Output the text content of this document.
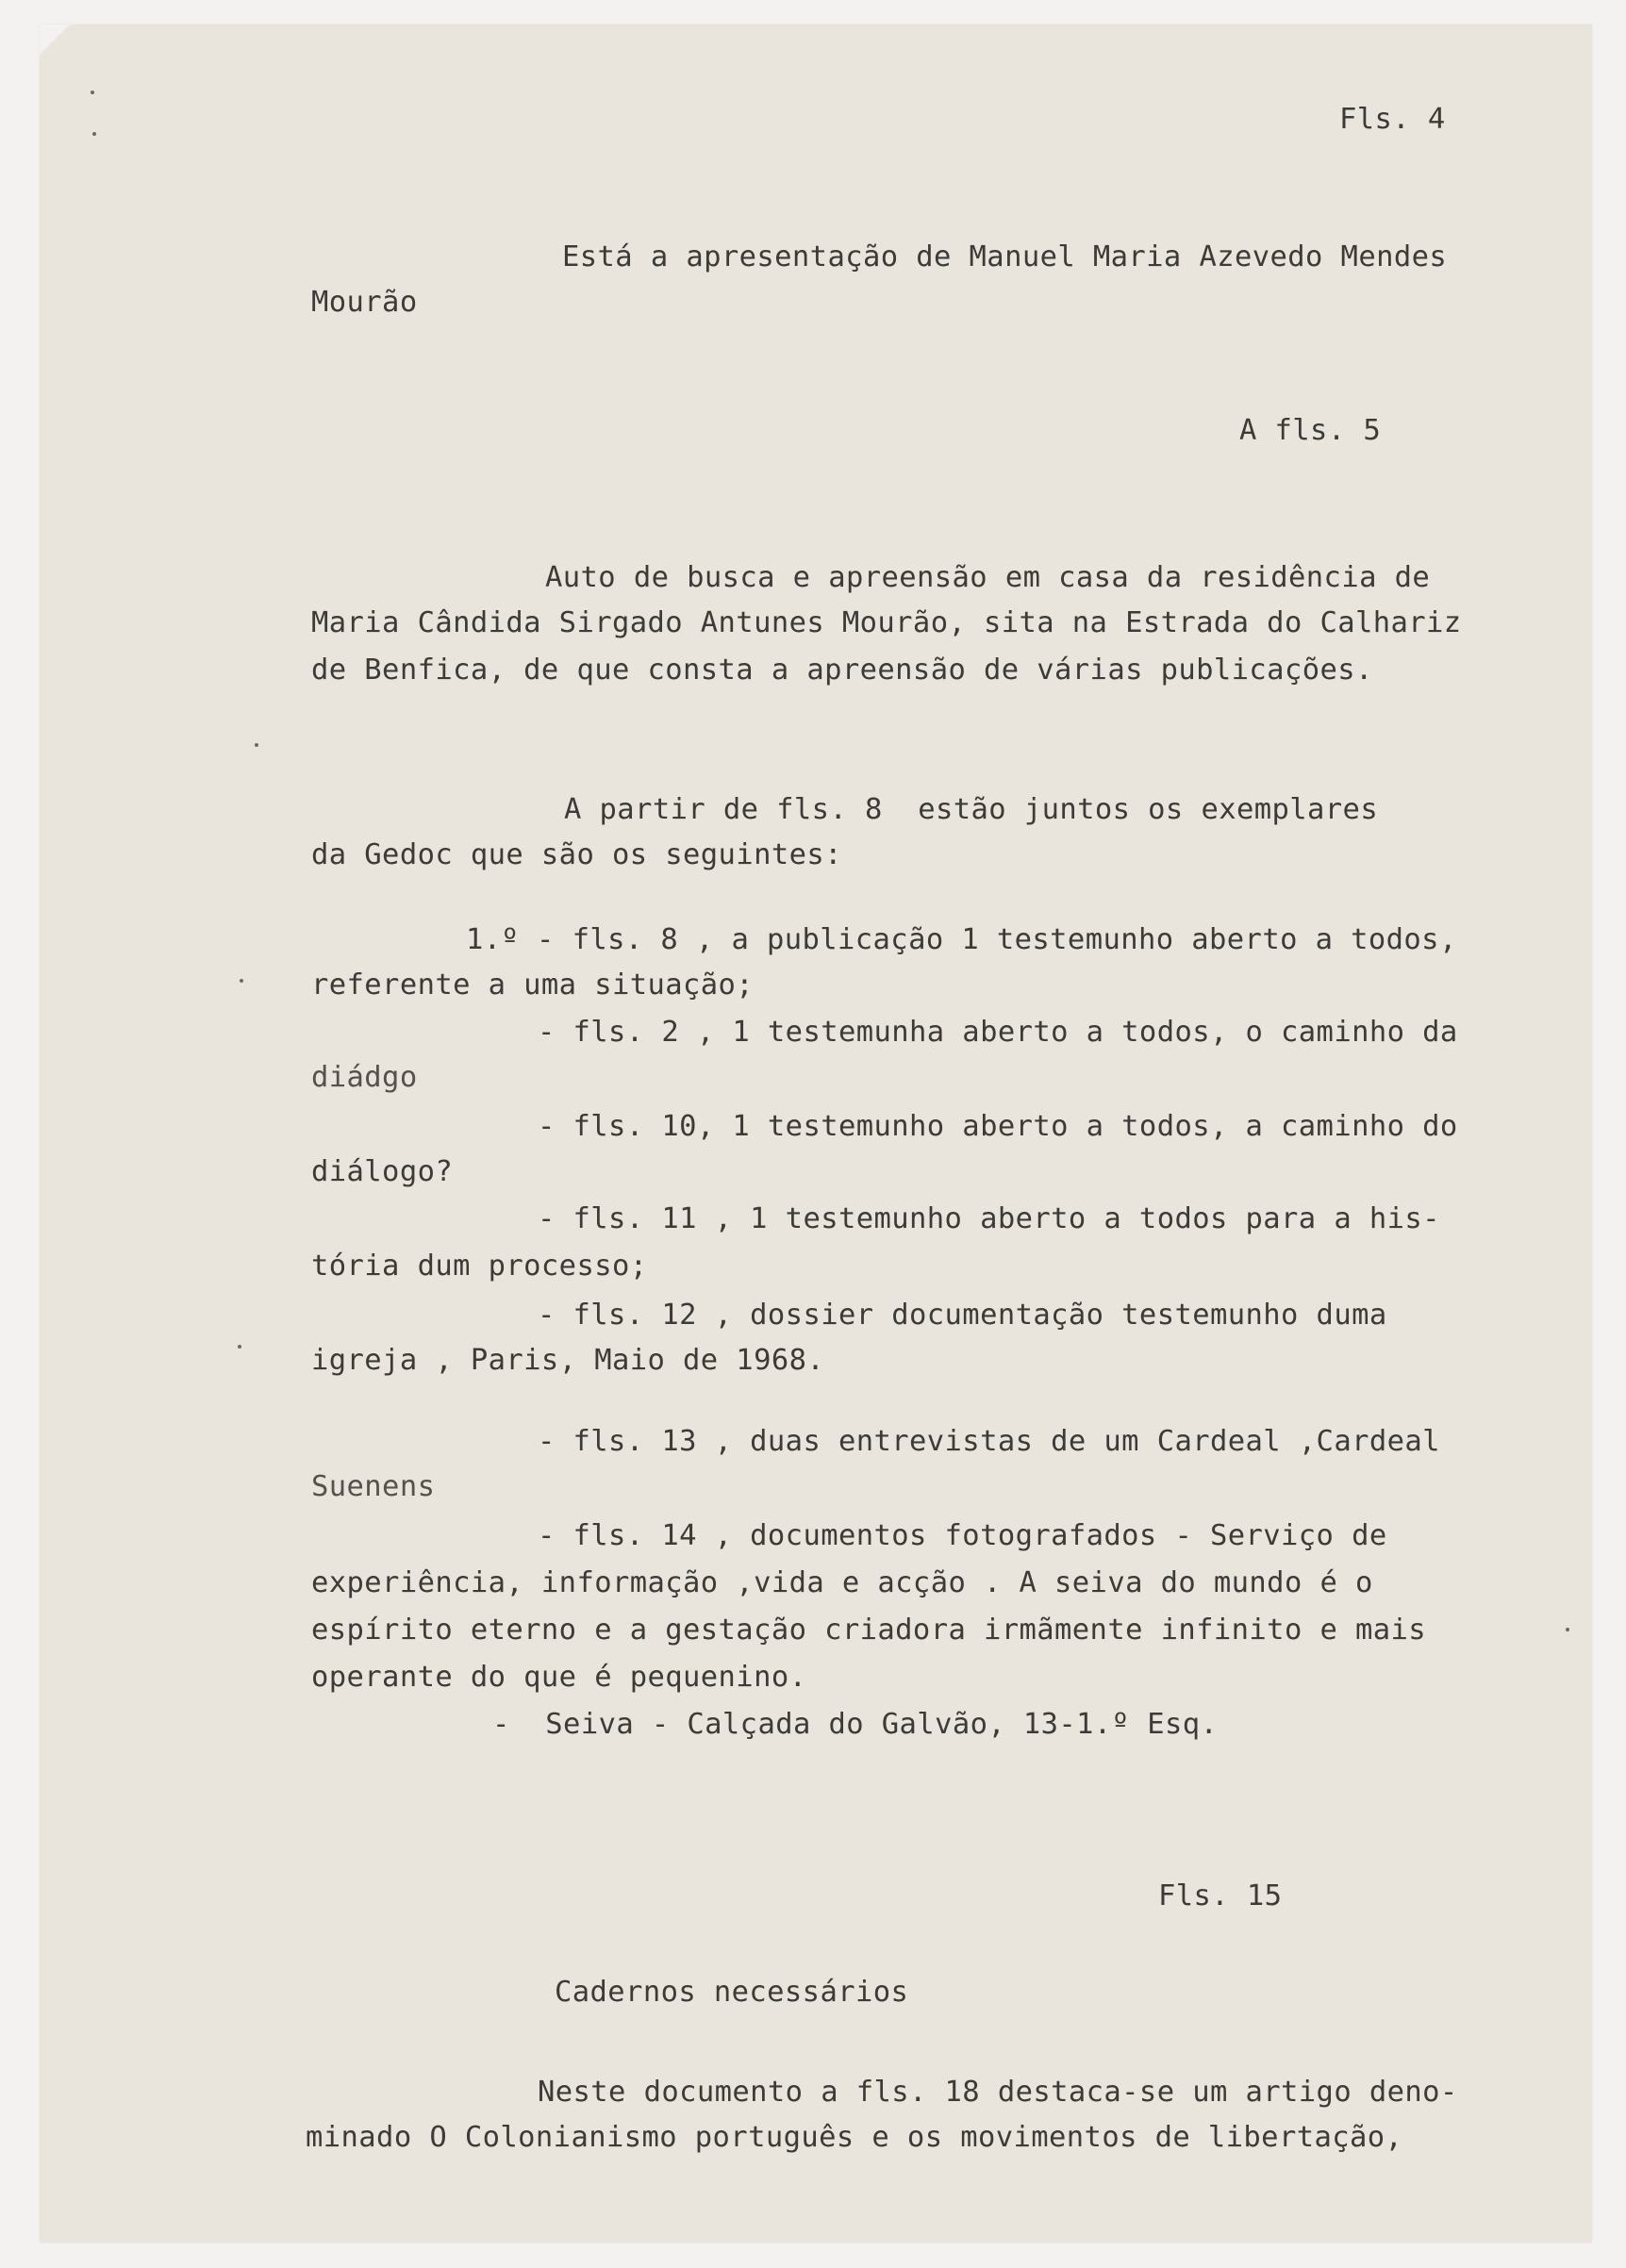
Fls. 4

Está a apresentação de Manuel Maria Azevedo Mendes

Mourão

A fls. 5

Auto de busca e apreensão em casa da residência de

Maria Cândida Sirgado Antunes Mourão, sita na Estrada do Calhariz

de Benfica, de que consta a apreensão de várias publicações.

A partir de fls. 8  estão juntos os exemplares

da Gedoc que são os seguintes:

1.º - fls. 8 , a publicação 1 testemunho aberto a todos,

referente a uma situação;

- fls. 2 , 1 testemunha aberto a todos, o caminho da

diádgo

- fls. 10, 1 testemunho aberto a todos, a caminho do

diálogo?

- fls. 11 , 1 testemunho aberto a todos para a his-

tória dum processo;

- fls. 12 , dossier documentação testemunho duma

igreja , Paris, Maio de 1968.

- fls. 13 , duas entrevistas de um Cardeal ,Cardeal

Suenens

- fls. 14 , documentos fotografados - Serviço de

experiência, informação ,vida e acção . A seiva do mundo é o

espírito eterno e a gestação criadora irmãmente infinito e mais

operante do que é pequenino.

-  Seiva - Calçada do Galvão, 13-1.º Esq.

Fls. 15

Cadernos necessários

Neste documento a fls. 18 destaca-se um artigo deno-

minado O Colonianismo português e os movimentos de libertação,
